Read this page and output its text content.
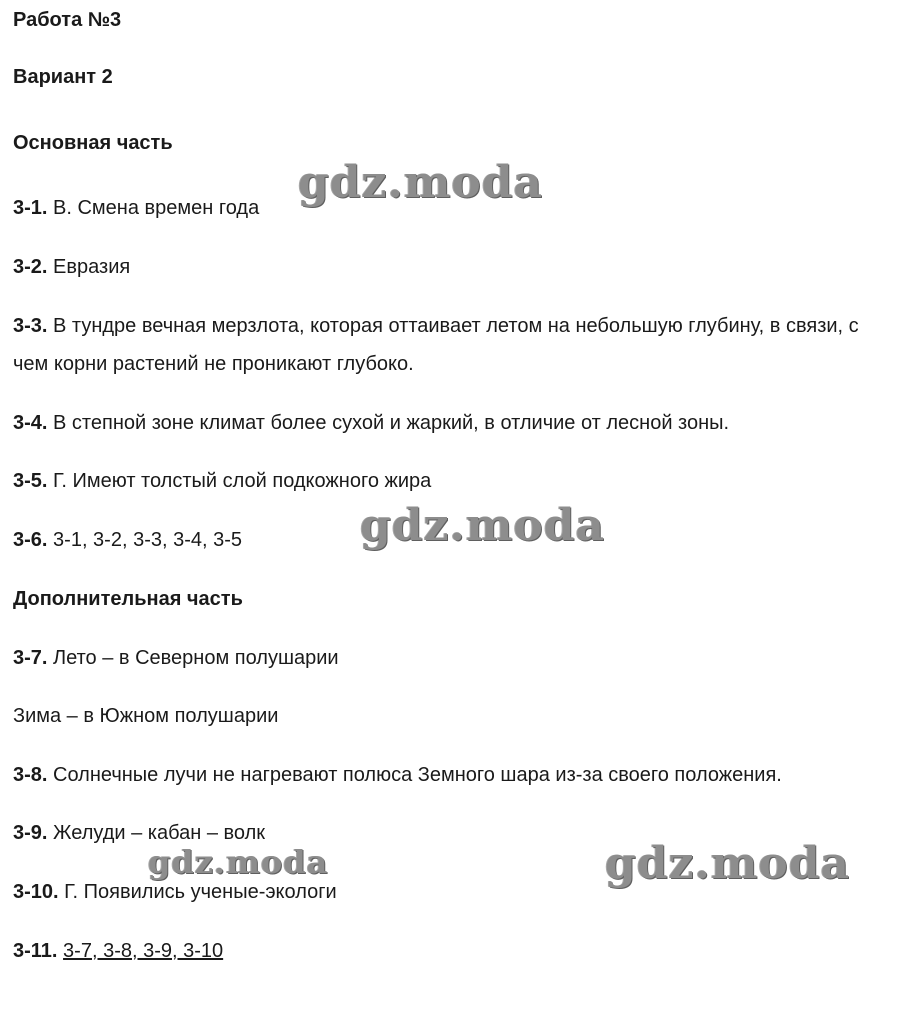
Работа №3
Вариант 2
Основная часть
3-1. В. Смена времен года
3-2. Евразия
3-3. В тундре вечная мерзлота, которая оттаивает летом на небольшую глубину, в связи, с чем корни растений не проникают глубоко.
3-4. В степной зоне климат более сухой и жаркий, в отличие от лесной зоны.
3-5. Г. Имеют толстый слой подкожного жира
3-6. 3-1, 3-2, 3-3, 3-4, 3-5
Дополнительная часть
3-7. Лето – в Северном полушарии
Зима – в Южном полушарии
3-8. Солнечные лучи не нагревают полюса Земного шара из-за своего положения.
3-9. Желуди – кабан – волк
3-10. Г. Появились ученые-экологи
3-11. 3-7, 3-8, 3-9, 3-10
gdz.moda
gdz.moda
gdz.moda	gdz.moda
